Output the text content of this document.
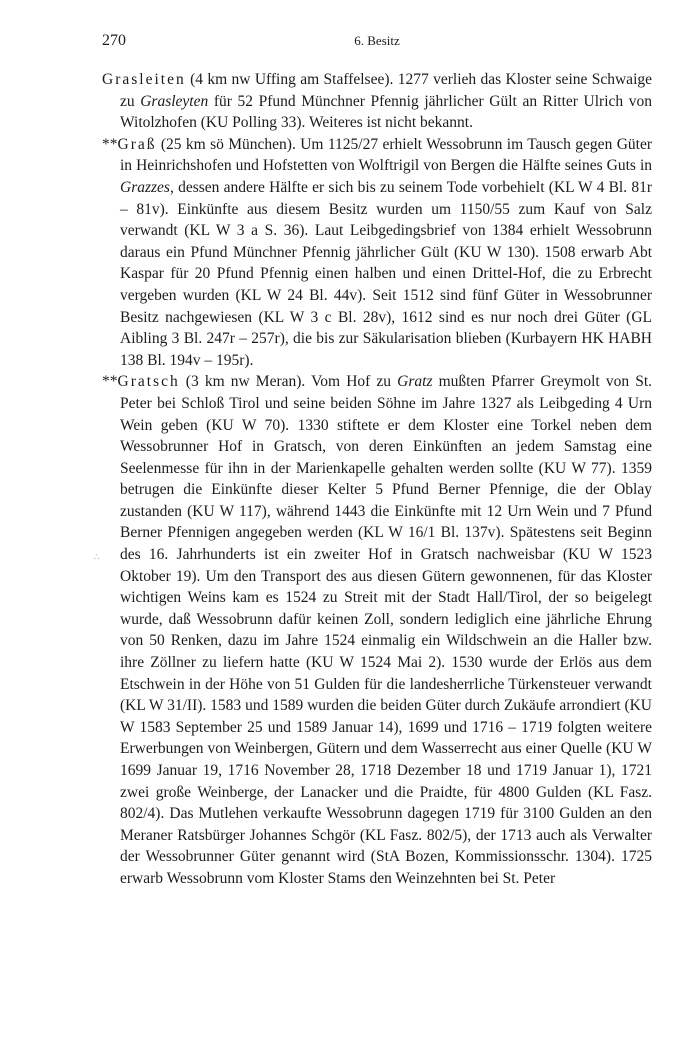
270	6. Besitz

Grasleiten (4 km nw Uffing am Staffelsee). 1277 verlieh das Kloster seine Schwaige zu Grasleyten für 52 Pfund Münchner Pfennig jährlicher Gült an Ritter Ulrich von Witolzhofen (KU Polling 33). Weiteres ist nicht bekannt.

**Graß (25 km sö München). Um 1125/27 erhielt Wessobrunn im Tausch gegen Güter in Heinrichshofen und Hofstetten von Wolftrigil von Bergen die Hälfte seines Guts in Grazzes, dessen andere Hälfte er sich bis zu seinem Tode vorbehielt (KL W 4 Bl. 81r – 81v). Einkünfte aus diesem Besitz wurden um 1150/55 zum Kauf von Salz verwandt (KL W 3 a S. 36). Laut Leibgedingsbrief von 1384 erhielt Wessobrunn daraus ein Pfund Münchner Pfennig jährlicher Gült (KU W 130). 1508 erwarb Abt Kaspar für 20 Pfund Pfennig einen halben und einen Drittel-Hof, die zu Erbrecht vergeben wurden (KL W 24 Bl. 44v). Seit 1512 sind fünf Güter in Wessobrunner Besitz nachgewiesen (KL W 3 c Bl. 28v), 1612 sind es nur noch drei Güter (GL Aibling 3 Bl. 247r – 257r), die bis zur Säkularisation blieben (Kurbayern HK HABH 138 Bl. 194v – 195r).

**Gratsch (3 km nw Meran). Vom Hof zu Gratz mußten Pfarrer Greymolt von St. Peter bei Schloß Tirol und seine beiden Söhne im Jahre 1327 als Leibgeding 4 Urn Wein geben (KU W 70). 1330 stiftete er dem Kloster eine Torkel neben dem Wessobrunner Hof in Gratsch, von deren Einkünften an jedem Samstag eine Seelenmesse für ihn in der Marienkapelle gehalten werden sollte (KU W 77). 1359 betrugen die Einkünfte dieser Kelter 5 Pfund Berner Pfennige, die der Oblay zustanden (KU W 117), während 1443 die Einkünfte mit 12 Urn Wein und 7 Pfund Berner Pfennigen angegeben werden (KL W 16/1 Bl. 137v). Spätestens seit Beginn des 16. Jahrhunderts ist ein zweiter Hof in Gratsch nachweisbar (KU W 1523 Oktober 19). Um den Transport des aus diesen Gütern gewonnenen, für das Kloster wichtigen Weins kam es 1524 zu Streit mit der Stadt Hall/Tirol, der so beigelegt wurde, daß Wessobrunn dafür keinen Zoll, sondern lediglich eine jährliche Ehrung von 50 Renken, dazu im Jahre 1524 einmalig ein Wildschwein an die Haller bzw. ihre Zöllner zu liefern hatte (KU W 1524 Mai 2). 1530 wurde der Erlös aus dem Etschwein in der Höhe von 51 Gulden für die landesherrliche Türkensteuer verwandt (KL W 31/II). 1583 und 1589 wurden die beiden Güter durch Zukäufe arrondiert (KU W 1583 September 25 und 1589 Januar 14), 1699 und 1716 – 1719 folgten weitere Erwerbungen von Weinbergen, Gütern und dem Wasserrecht aus einer Quelle (KU W 1699 Januar 19, 1716 November 28, 1718 Dezember 18 und 1719 Januar 1), 1721 zwei große Weinberge, der Lanacker und die Praidte, für 4800 Gulden (KL Fasz. 802/4). Das Mutlehen verkaufte Wessobrunn dagegen 1719 für 3100 Gulden an den Meraner Ratsbürger Johannes Schgör (KL Fasz. 802/5), der 1713 auch als Verwalter der Wessobrunner Güter genannt wird (StA Bozen, Kommissionsschr. 1304). 1725 erwarb Wessobrunn vom Kloster Stams den Weinzehnten bei St. Peter

∴
